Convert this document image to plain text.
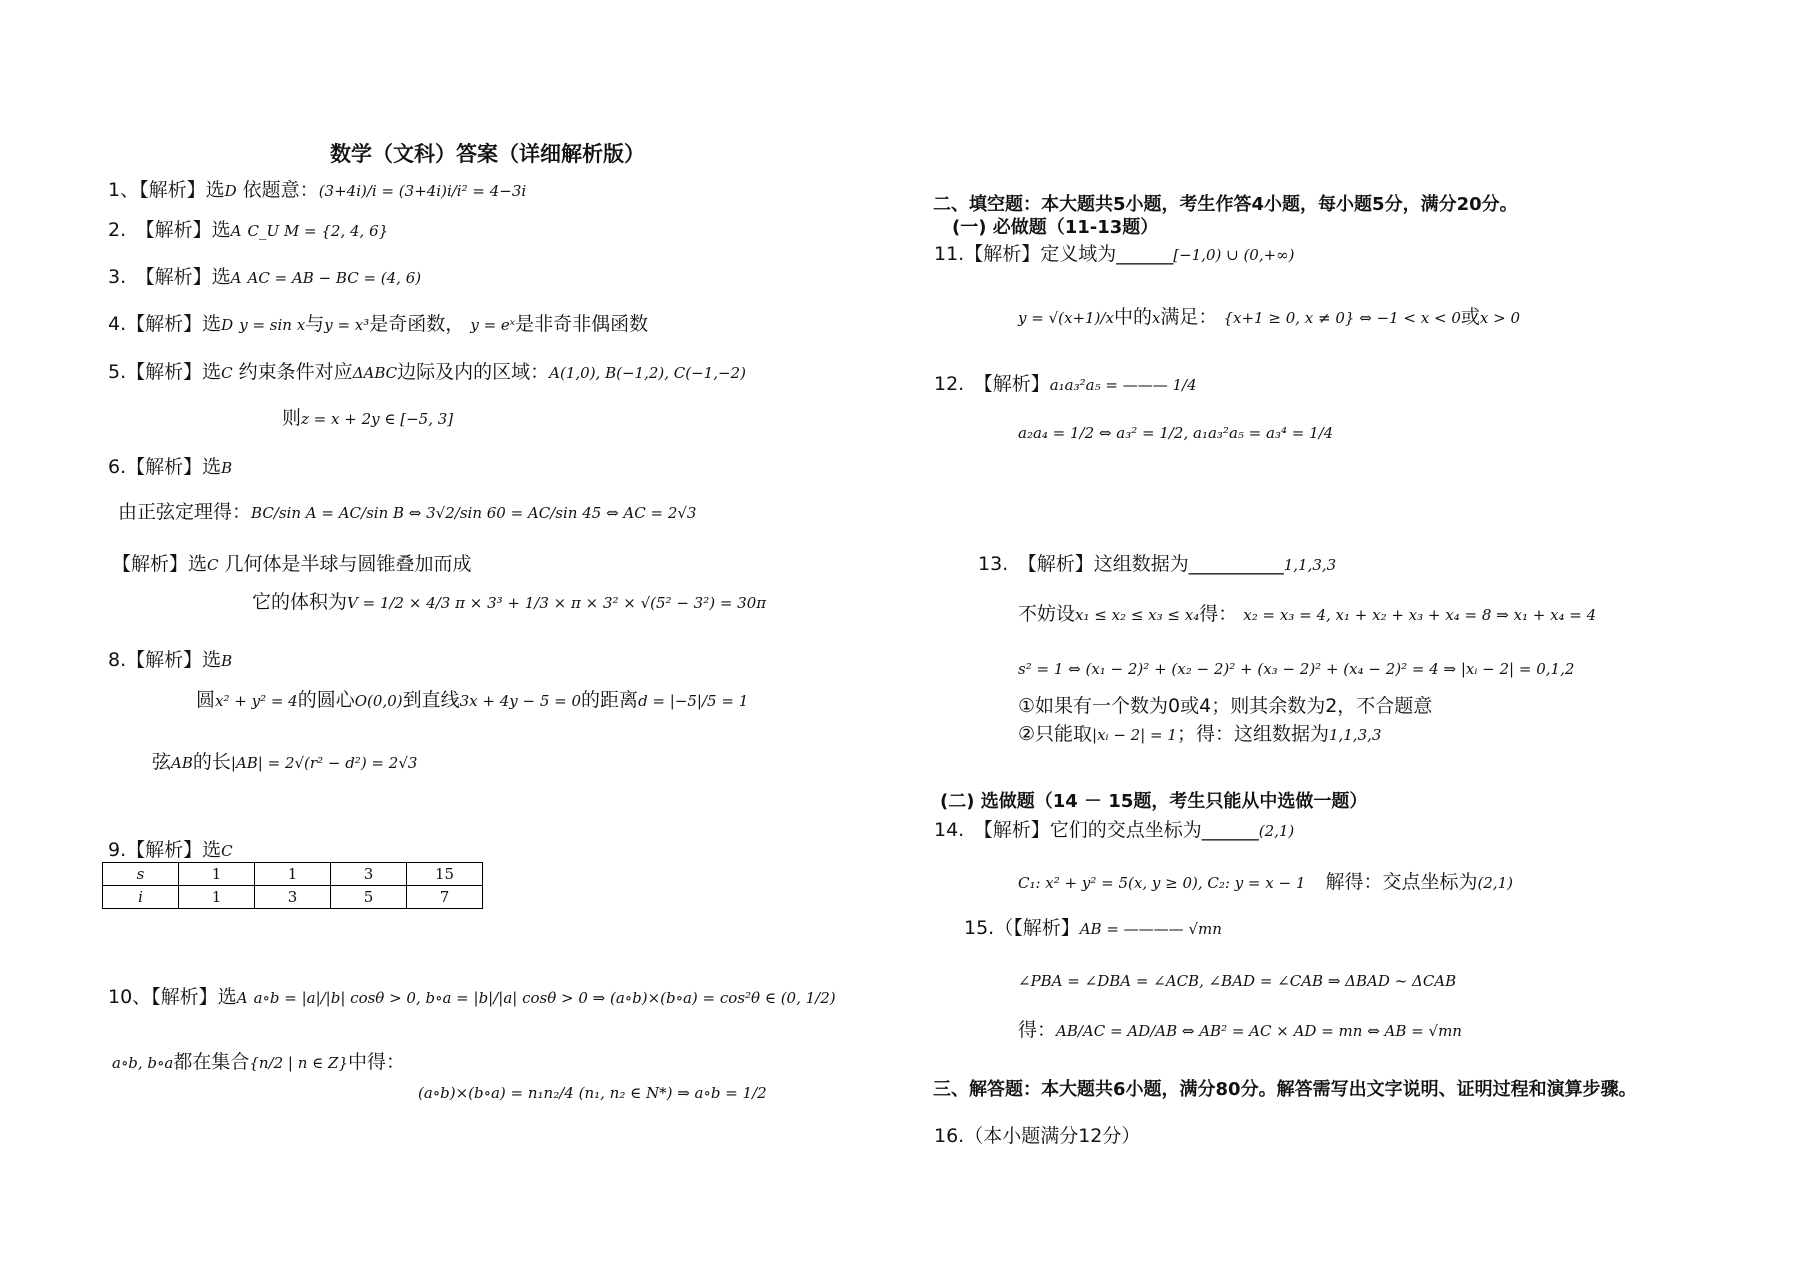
数学（文科）答案（详细解析版）
1、【解析】选D 依题意：(3+4i)/i = (3+4i)i/i² = 4−3i
2.　【解析】选A C_U M = {2, 4, 6}
3.　【解析】选A AC = AB − BC = (4, 6)
4.【解析】选D y = sin x与y = x³是奇函数， y = eˣ是非奇非偶函数
5.【解析】选C 约束条件对应ΔABC边际及内的区域：A(1,0), B(−1,2), C(−1,−2)
则z = x + 2y ∈ [−5, 3]
6.【解析】选B
由正弦定理得：BC/sin A = AC/sin B ⇔ 3√2/sin 60 = AC/sin 45 ⇔ AC = 2√3
【解析】选C 几何体是半球与圆锥叠加而成
它的体积为V = 1/2 × 4/3 π × 3³ + 1/3 × π × 3² × √(5² − 3²) = 30π
8.【解析】选B
圆x² + y² = 4的圆心O(0,0)到直线3x + 4y − 5 = 0的距离d = |−5|/5 = 1
弦AB的长|AB| = 2√(r² − d²) = 2√3
9.【解析】选C
s	1	1	3	15
i	1	3	5	7
10、【解析】选A a∘b = |a|/|b| cosθ > 0, b∘a = |b|/|a| cosθ > 0 ⇒ (a∘b)×(b∘a) = cos²θ ∈ (0, 1/2)
a∘b, b∘a都在集合{n/2 | n ∈ Z}中得：
(a∘b)×(b∘a) = n₁n₂/4 (n₁, n₂ ∈ N*) ⇒ a∘b = 1/2
二、填空题：本大题共5小题，考生作答4小题，每小题5分，满分20分。
(一) 必做题（11-13题）
11.【解析】定义域为______[−1,0) ∪ (0,+∞)
y = √(x+1)/x中的x满足： {x+1 ≥ 0, x ≠ 0} ⇔ −1 < x < 0或x > 0
12.　【解析】a₁a₃²a₅ = ——— 1/4
a₂a₄ = 1/2 ⇔ a₃² = 1/2, a₁a₃²a₅ = a₃⁴ = 1/4
13.　【解析】这组数据为__________1,1,3,3
不妨设x₁ ≤ x₂ ≤ x₃ ≤ x₄得： x₂ = x₃ = 4, x₁ + x₂ + x₃ + x₄ = 8 ⇒ x₁ + x₄ = 4
s² = 1 ⇔ (x₁ − 2)² + (x₂ − 2)² + (x₃ − 2)² + (x₄ − 2)² = 4 ⇒ |xᵢ − 2| = 0,1,2
①如果有一个数为0或4；则其余数为2，不合题意
②只能取|xᵢ − 2| = 1；得：这组数据为1,1,3,3
(二) 选做题（14 － 15题，考生只能从中选做一题）
14.　【解析】它们的交点坐标为______(2,1)
C₁: x² + y² = 5(x, y ≥ 0), C₂: y = x − 1 解得：交点坐标为(2,1)
15.（【解析】AB = ———— √mn
∠PBA = ∠DBA = ∠ACB, ∠BAD = ∠CAB ⇒ ΔBAD ~ ΔCAB
得：AB/AC = AD/AB ⇔ AB² = AC × AD = mn ⇔ AB = √mn
三、解答题：本大题共6小题，满分80分。解答需写出文字说明、证明过程和演算步骤。
16.（本小题满分12分）
